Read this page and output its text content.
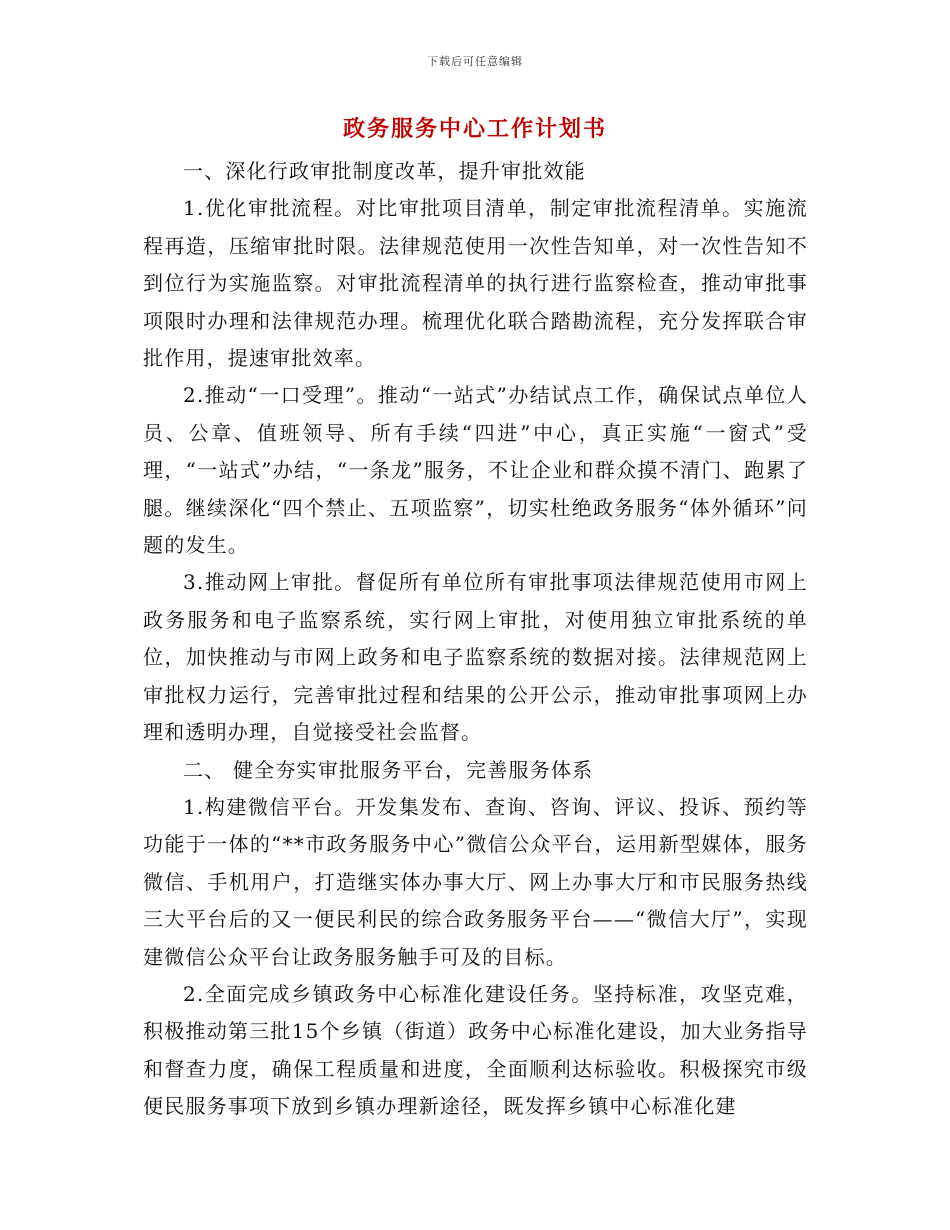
下载后可任意编辑
政务服务中心工作计划书

一、深化行政审批制度改革，提升审批效能

1.优化审批流程。对比审批项目清单，制定审批流程清单。实施流程再造，压缩审批时限。法律规范使用一次性告知单，对一次性告知不到位行为实施监察。对审批流程清单的执行进行监察检查，推动审批事项限时办理和法律规范办理。梳理优化联合踏勘流程，充分发挥联合审批作用，提速审批效率。

2.推动“一口受理”。推动“一站式”办结试点工作，确保试点单位人员、公章、值班领导、所有手续“四进”中心，真正实施“一窗式”受理，“一站式”办结，“一条龙”服务，不让企业和群众摸不清门、跑累了腿。继续深化“四个禁止、五项监察”，切实杜绝政务服务“体外循环”问题的发生。

3.推动网上审批。督促所有单位所有审批事项法律规范使用市网上政务服务和电子监察系统，实行网上审批，对使用独立审批系统的单位，加快推动与市网上政务和电子监察系统的数据对接。法律规范网上审批权力运行，完善审批过程和结果的公开公示，推动审批事项网上办理和透明办理，自觉接受社会监督。

二、 健全夯实审批服务平台，完善服务体系

1.构建微信平台。开发集发布、查询、咨询、评议、投诉、预约等功能于一体的“**市政务服务中心”微信公众平台，运用新型媒体，服务微信、手机用户，打造继实体办事大厅、网上办事大厅和市民服务热线三大平台后的又一便民利民的综合政务服务平台——“微信大厅”，实现建微信公众平台让政务服务触手可及的目标。

2.全面完成乡镇政务中心标准化建设任务。坚持标准，攻坚克难，积极推动第三批15个乡镇（街道）政务中心标准化建设，加大业务指导和督查力度，确保工程质量和进度，全面顺利达标验收。积极探究市级便民服务事项下放到乡镇办理新途径，既发挥乡镇中心标准化建
